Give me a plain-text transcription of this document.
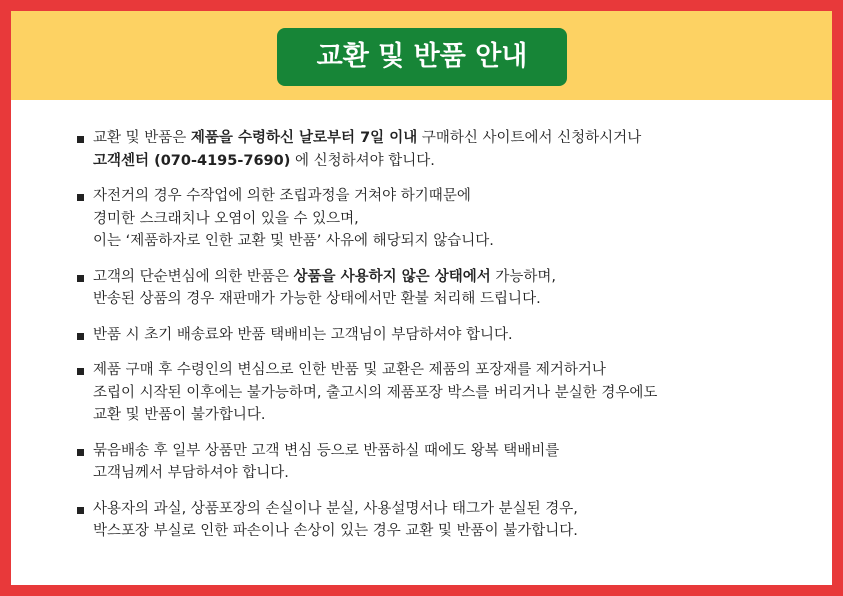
교환 및 반품 안내
교환 및 반품은 제품을 수령하신 날로부터 7일 이내 구매하신 사이트에서 신청하시거나
고객센터 (070-4195-7690) 에 신청하셔야 합니다.
자전거의 경우 수작업에 의한 조립과정을 거쳐야 하기때문에
경미한 스크래치나 오염이 있을 수 있으며,
이는 ‘제품하자로 인한 교환 및 반품’ 사유에 해당되지 않습니다.
고객의 단순변심에 의한 반품은 상품을 사용하지 않은 상태에서 가능하며,
반송된 상품의 경우 재판매가 가능한 상태에서만 환불 처리해 드립니다.
반품 시 초기 배송료와 반품 택배비는 고객님이 부담하셔야 합니다.
제품 구매 후 수령인의 변심으로 인한 반품 및 교환은 제품의 포장재를 제거하거나
조립이 시작된 이후에는 불가능하며, 출고시의 제품포장 박스를 버리거나 분실한 경우에도
교환 및 반품이 불가합니다.
묶음배송 후 일부 상품만 고객 변심 등으로 반품하실 때에도 왕복 택배비를
고객님께서 부담하셔야 합니다.
사용자의 과실, 상품포장의 손실이나 분실, 사용설명서나 태그가 분실된 경우,
박스포장 부실로 인한 파손이나 손상이 있는 경우 교환 및 반품이 불가합니다.
